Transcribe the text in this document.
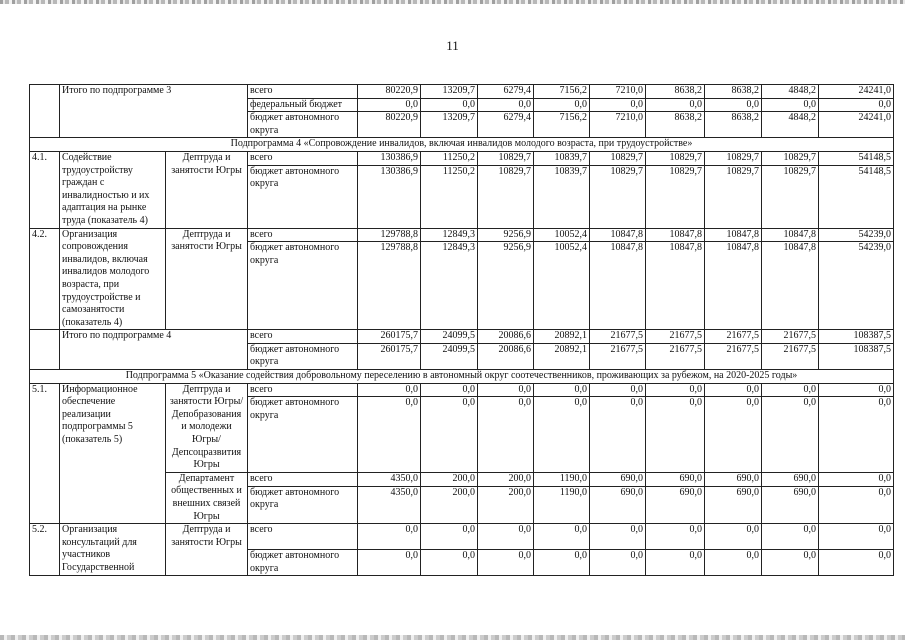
11
	Итого по подпрограмме 3		всего	80220,9	13209,7	6279,4	7156,2	7210,0	8638,2	8638,2	4848,2	24241,0
			федеральный бюджет	0,0	0,0	0,0	0,0	0,0	0,0	0,0	0,0	0,0
			бюджет автономного округа	80220,9	13209,7	6279,4	7156,2	7210,0	8638,2	8638,2	4848,2	24241,0
Подпрограмма 4 «Сопровождение инвалидов, включая инвалидов молодого возраста, при трудоустройстве»												
4.1.	Содействие трудоустройству граждан с инвалидностью и их адаптация на рынке труда (показатель 4)	Дептруда и занятости Югры	всего	130386,9	11250,2	10829,7	10839,7	10829,7	10829,7	10829,7	10829,7	54148,5
			бюджет автономного округа	130386,9	11250,2	10829,7	10839,7	10829,7	10829,7	10829,7	10829,7	54148,5
4.2.	Организация сопровождения инвалидов, включая инвалидов молодого возраста, при трудоустройстве и самозанятости (показатель 4)	Дептруда и занятости Югры	всего	129788,8	12849,3	9256,9	10052,4	10847,8	10847,8	10847,8	10847,8	54239,0
			бюджет автономного округа	129788,8	12849,3	9256,9	10052,4	10847,8	10847,8	10847,8	10847,8	54239,0
	Итого по подпрограмме 4		всего	260175,7	24099,5	20086,6	20892,1	21677,5	21677,5	21677,5	21677,5	108387,5
			бюджет автономного округа	260175,7	24099,5	20086,6	20892,1	21677,5	21677,5	21677,5	21677,5	108387,5
Подпрограмма 5 «Оказание содействия добровольному переселению в автономный округ соотечественников, проживающих за рубежом, на 2020-2025 годы»												
5.1.	Информационное обеспечение реализации подпрограммы 5 (показатель 5)	Дептруда и занятости Югры/Депобразования и молодежи Югры/Депсоцразвития Югры	всего	0,0	0,0	0,0	0,0	0,0	0,0	0,0	0,0	0,0
			бюджет автономного округа	0,0	0,0	0,0	0,0	0,0	0,0	0,0	0,0	0,0
		Департамент общественных и внешних связей Югры	всего	4350,0	200,0	200,0	1190,0	690,0	690,0	690,0	690,0	0,0
			бюджет автономного округа	4350,0	200,0	200,0	1190,0	690,0	690,0	690,0	690,0	0,0
5.2.	Организация консультаций для участников Государственной	Дептруда и занятости Югры	всего	0,0	0,0	0,0	0,0	0,0	0,0	0,0	0,0	0,0
			бюджет автономного округа	0,0	0,0	0,0	0,0	0,0	0,0	0,0	0,0	0,0
